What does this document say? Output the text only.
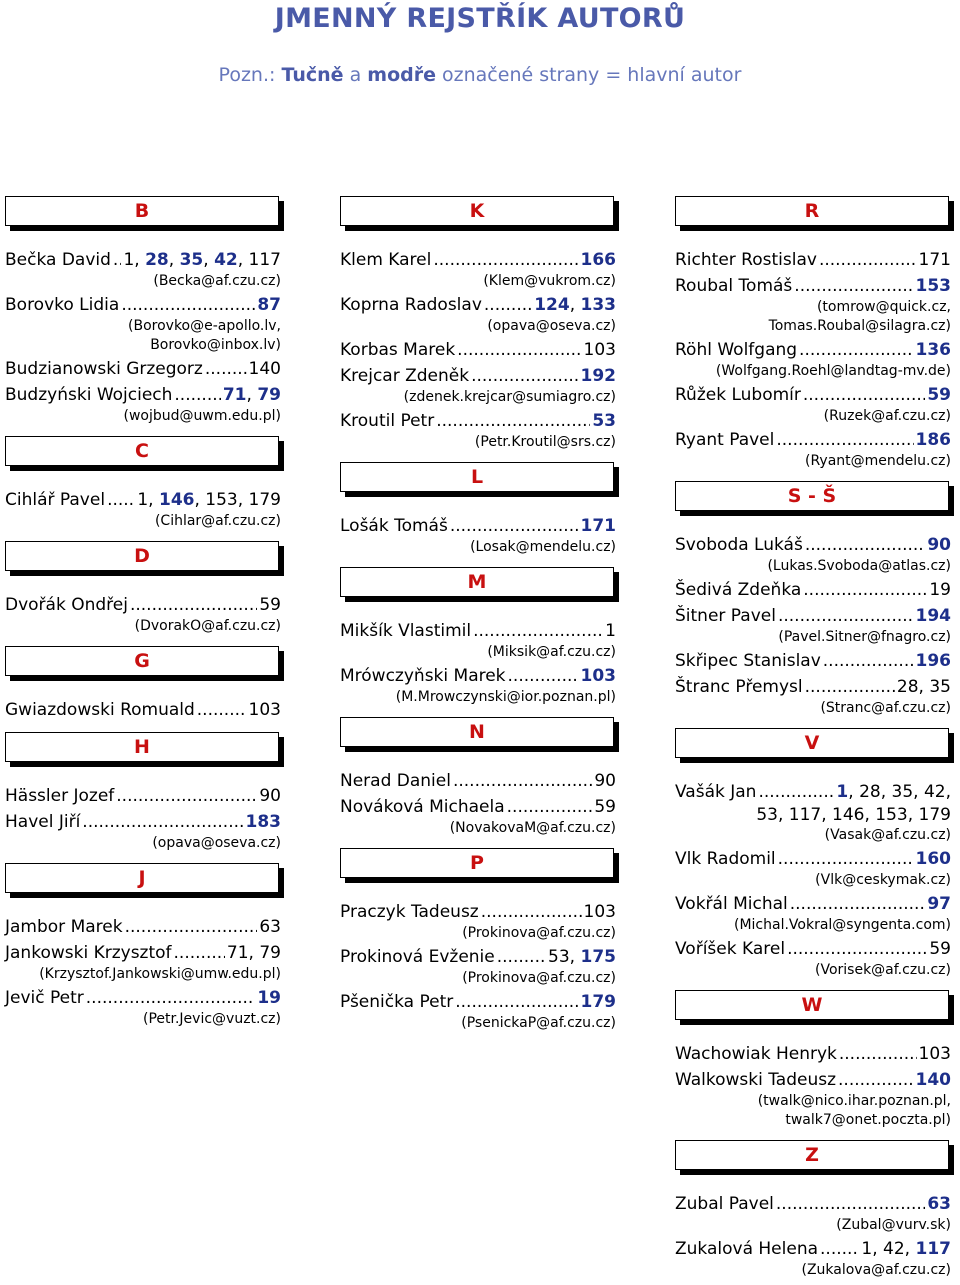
JMENNÝ REJSTŘÍK AUTORŮ
Pozn.: Tučně a modře označené strany = hlavní autor
B
Bečka David ..... 1, 28, 35, 42, 117
(Becka@af.czu.cz)
Borovko Lidia .....	87
(Borovko@e-apollo.lv,
Borovko@inbox.lv)
Budzianowski Grzegorz .....	140
Budzyński Wojciech .....	71, 79
(wojbud@uwm.edu.pl)
C
Cihlář Pavel ..... 1, 146, 153, 179
(Cihlar@af.czu.cz)
D
Dvořák Ondřej .....	59
(DvorakO@af.czu.cz)
G
Gwiazdowski Romuald .....	103
H
Hässler Jozef .....	90
Havel Jiří .....	183
(opava@oseva.cz)
J
Jambor Marek .....	63
Jankowski Krzysztof .....	71, 79
(Krzysztof.Jankowski@umw.edu.pl)
Jevič Petr .....	19
(Petr.Jevic@vuzt.cz)
K
Klem Karel .....	166
(Klem@vukrom.cz)
Koprna Radoslav .....	124, 133
(opava@oseva.cz)
Korbas Marek .....	103
Krejcar Zdeněk .....	192
(zdenek.krejcar@sumiagro.cz)
Kroutil Petr .....	53
(Petr.Kroutil@srs.cz)
L
Lošák Tomáš .....	171
(Losak@mendelu.cz)
M
Mikšík Vlastimil .....	1
(Miksik@af.czu.cz)
Mrówczyňski Marek .....	103
(M.Mrowczynski@ior.poznan.pl)
N
Nerad Daniel .....	90
Nováková Michaela .....	59
(NovakovaM@af.czu.cz)
P
Praczyk Tadeusz .....	103
(Prokinova@af.czu.cz)
Prokinová Evženie .....	53, 175
(Prokinova@af.czu.cz)
Pšenička Petr .....	179
(PsenickaP@af.czu.cz)
R
Richter Rostislav .....	171
Roubal Tomáš .....	153
(tomrow@quick.cz,
Tomas.Roubal@silagra.cz)
Röhl Wolfgang .....	136
(Wolfgang.Roehl@landtag-mv.de)
Růžek Lubomír .....	59
(Ruzek@af.czu.cz)
Ryant Pavel .....	186
(Ryant@mendelu.cz)
S - Š
Svoboda Lukáš .....	90
(Lukas.Svoboda@atlas.cz)
Šedivá Zdeňka .....	19
Šitner Pavel .....	194
(Pavel.Sitner@fnagro.cz)
Skřipec Stanislav .....	196
Štranc Přemysl .....	28, 35
(Stranc@af.czu.cz)
V
Vašák Jan .....	1, 28, 35, 42,
53, 117, 146, 153, 179
(Vasak@af.czu.cz)
Vlk Radomil .....	160
(Vlk@ceskymak.cz)
Vokřál Michal .....	97
(Michal.Vokral@syngenta.com)
Voříšek Karel .....	59
(Vorisek@af.czu.cz)
W
Wachowiak Henryk .....	103
Walkowski Tadeusz .....	140
(twalk@nico.ihar.poznan.pl,
twalk7@onet.poczta.pl)
Z
Zubal Pavel .....	63
(Zubal@vurv.sk)
Zukalová Helena .....	1, 42, 117
(Zukalova@af.czu.cz)
